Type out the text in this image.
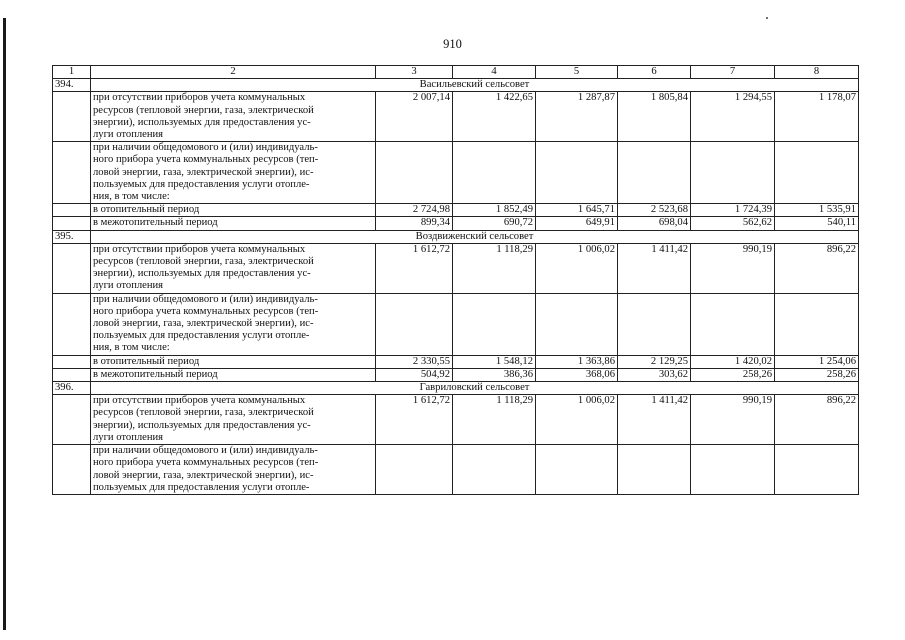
910
1	2	3	4	5	6	7	8
394.	Васильевский сельсовет						

	при отсутствии приборов учета коммунальных
ресурсов (тепловой энергии, газа, электрической
энергии), используемых для предоставления ус-
луги отопления	2 007,14	1 422,65	1 287,87	1 805,84	1 294,55	1 178,07

	при наличии общедомового и (или) индивидуаль-
ного прибора учета коммунальных ресурсов (теп-
ловой энергии, газа, электрической энергии), ис-
пользуемых для предоставления услуги отопле-
ния, в том числе:						

	в отопительный период	2 724,98	1 852,49	1 645,71	2 523,68	1 724,39	1 535,91

	в межотопительный период	899,34	690,72	649,91	698,04	562,62	540,11
395.	Воздвиженский сельсовет						

	при отсутствии приборов учета коммунальных
ресурсов (тепловой энергии, газа, электрической
энергии), используемых для предоставления ус-
луги отопления	1 612,72	1 118,29	1 006,02	1 411,42	990,19	896,22

	при наличии общедомового и (или) индивидуаль-
ного прибора учета коммунальных ресурсов (теп-
ловой энергии, газа, электрической энергии), ис-
пользуемых для предоставления услуги отопле-
ния, в том числе:						

	в отопительный период	2 330,55	1 548,12	1 363,86	2 129,25	1 420,02	1 254,06

	в межотопительный период	504,92	386,36	368,06	303,62	258,26	258,26
396.	Гавриловский сельсовет						

	при отсутствии приборов учета коммунальных
ресурсов (тепловой энергии, газа, электрической
энергии), используемых для предоставления ус-
луги отопления	1 612,72	1 118,29	1 006,02	1 411,42	990,19	896,22

	при наличии общедомового и (или) индивидуаль-
ного прибора учета коммунальных ресурсов (теп-
ловой энергии, газа, электрической энергии), ис-
пользуемых для предоставления услуги отопле-						
